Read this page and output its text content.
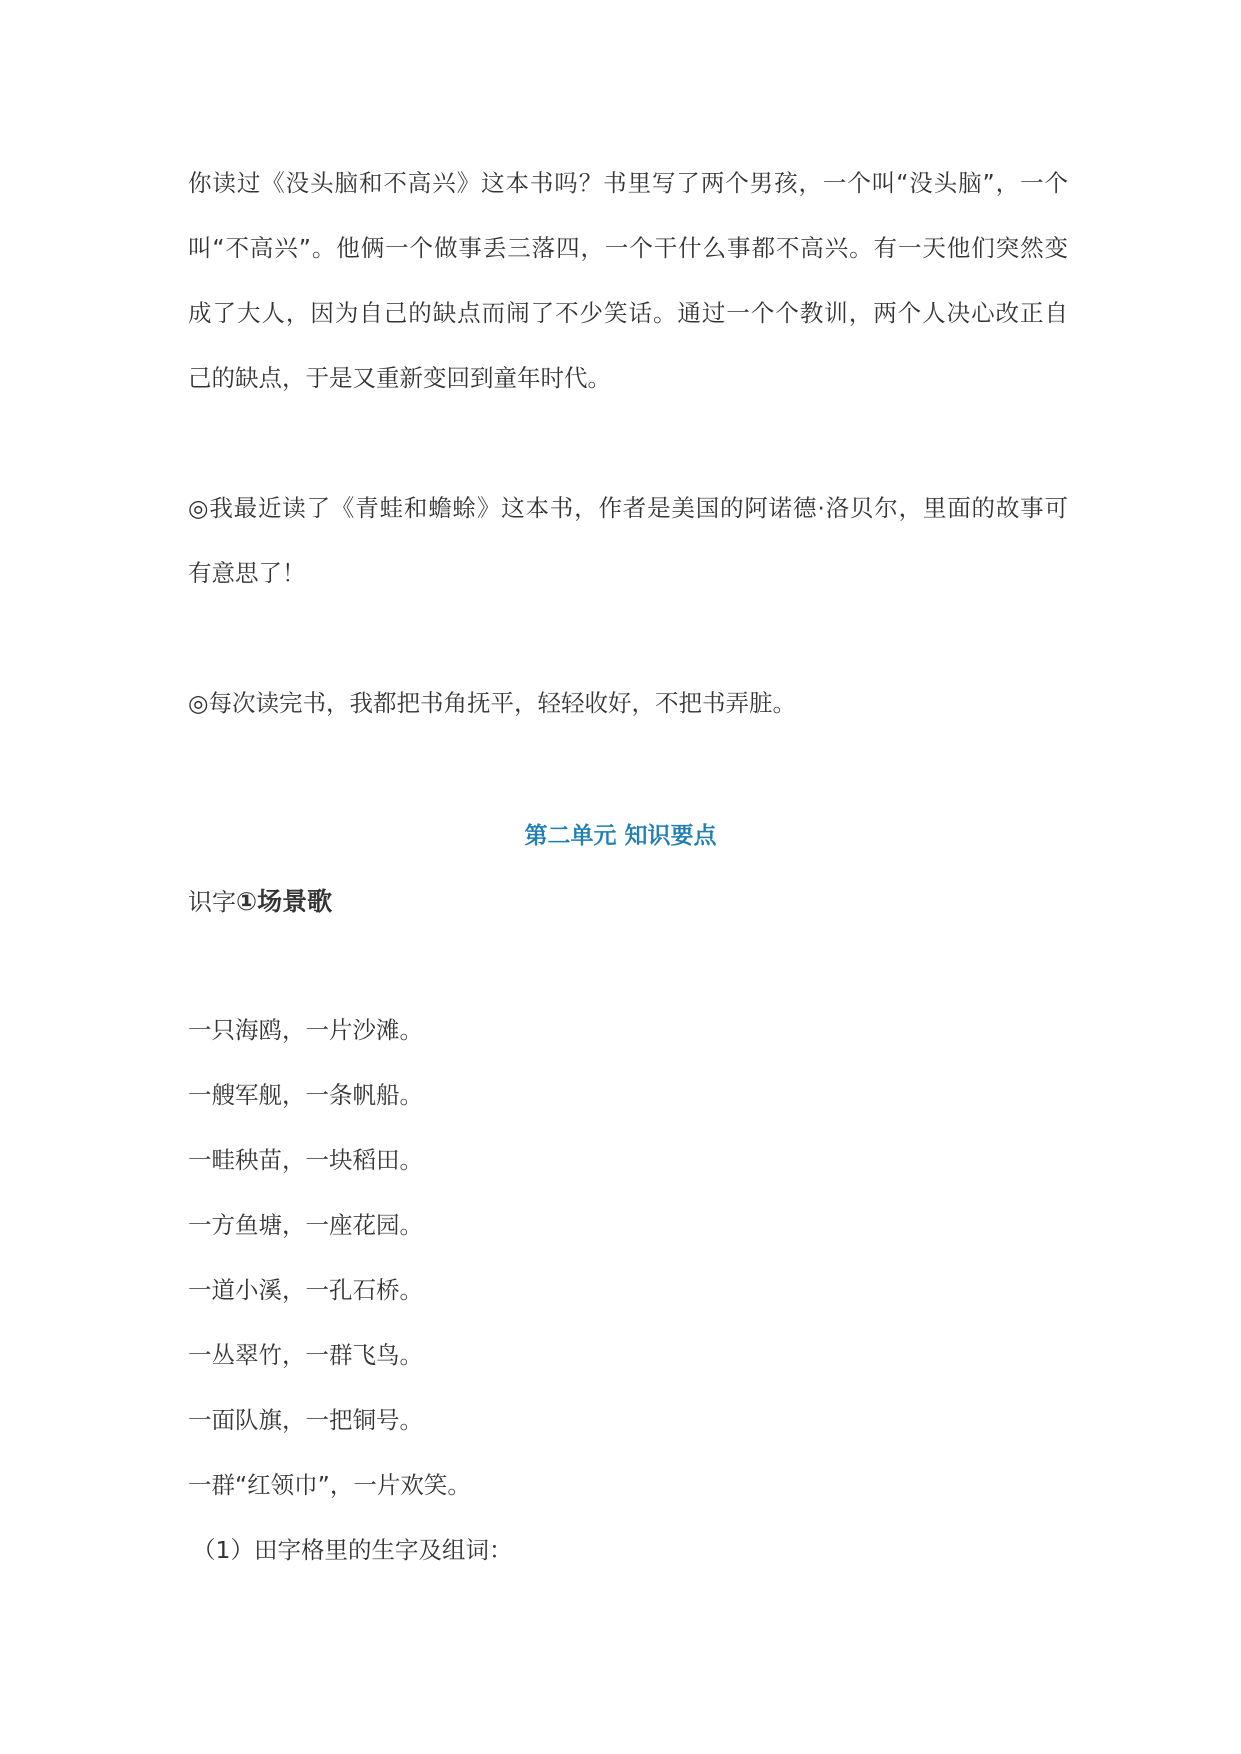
你读过《没头脑和不高兴》这本书吗？书里写了两个男孩，一个叫“没头脑”，一个
叫“不高兴”。他俩一个做事丢三落四，一个干什么事都不高兴。有一天他们突然变
成了大人，因为自己的缺点而闹了不少笑话。通过一个个教训，两个人决心改正自
己的缺点，于是又重新变回到童年时代。
◎我最近读了《青蛙和蟾蜍》这本书，作者是美国的阿诺德·洛贝尔，里面的故事可
有意思了！
◎每次读完书，我都把书角抚平，轻轻收好，不把书弄脏。
第二单元 知识要点
识字①场景歌
一只海鸥，一片沙滩。
一艘军舰，一条帆船。
一畦秧苗，一块稻田。
一方鱼塘，一座花园。
一道小溪，一孔石桥。
一丛翠竹，一群飞鸟。
一面队旗，一把铜号。
一群“红领巾”，一片欢笑。
（1）田字格里的生字及组词：
